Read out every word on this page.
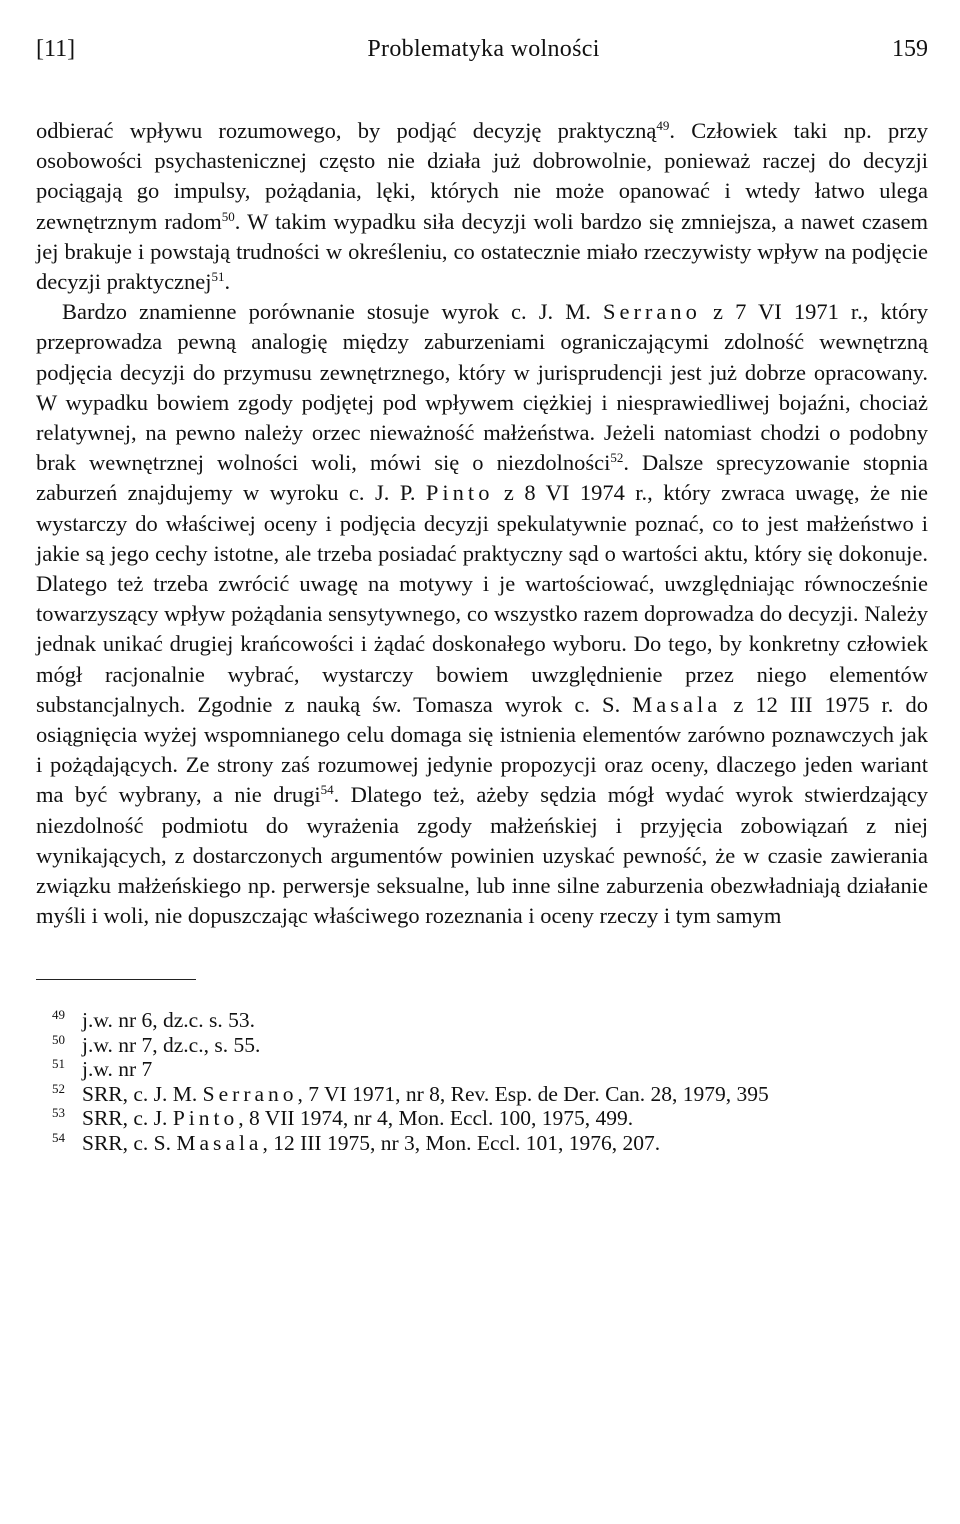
[11]	Problematyka wolności	159

odbierać wpływu rozumowego, by podjąć decyzję praktyczną$^{49}$. Człowiek taki np. przy osobowości psychastenicznej często nie działa już dobrowolnie, ponieważ raczej do decyzji pociągają go impulsy, pożądania, lęki, których nie może opanować i wtedy łatwo ulega zewnętrznym radom$^{50}$. W takim wypadku siła decyzji woli bardzo się zmniejsza, a nawet czasem jej brakuje i powstają trudności w określeniu, co ostatecznie miało rzeczywisty wpływ na podjęcie decyzji praktycznej$^{51}$.

Bardzo znamienne porównanie stosuje wyrok c. J. M. Serrano z 7 VI 1971 r., który przeprowadza pewną analogię między zaburzeniami ograniczającymi zdolność wewnętrzną podjęcia decyzji do przymusu zewnętrznego, który w jurisprudencji jest już dobrze opracowany. W wypadku bowiem zgody podjętej pod wpływem ciężkiej i niesprawiedliwej bojaźni, chociaż relatywnej, na pewno należy orzec nieważność małżeństwa. Jeżeli natomiast chodzi o podobny brak wewnętrznej wolności woli, mówi się o niezdolności$^{52}$. Dalsze sprecyzowanie stopnia zaburzeń znajdujemy w wyroku c. J. P. Pinto z 8 VI 1974 r., który zwraca uwagę, że nie wystarczy do właściwej oceny i podjęcia decyzji spekulatywnie poznać, co to jest małżeństwo i jakie są jego cechy istotne, ale trzeba posiadać praktyczny sąd o wartości aktu, który się dokonuje. Dlatego też trzeba zwrócić uwagę na motywy i je wartościować, uwzględniając równocześnie towarzyszący wpływ pożądania sensytywnego, co wszystko razem doprowadza do decyzji. Należy jednak unikać drugiej krańcowości i żądać doskonałego wyboru. Do tego, by konkretny człowiek mógł racjonalnie wybrać, wystarczy bowiem uwzględnienie przez niego elementów substancjalnych. Zgodnie z nauką św. Tomasza wyrok c. S. Masala z 12 III 1975 r. do osiągnięcia wyżej wspomnianego celu domaga się istnienia elementów zarówno poznawczych jak i pożądających. Ze strony zaś rozumowej jedynie propozycji oraz oceny, dlaczego jeden wariant ma być wybrany, a nie drugi$^{54}$. Dlatego też, ażeby sędzia mógł wydać wyrok stwierdzający niezdolność podmiotu do wyrażenia zgody małżeńskiej i przyjęcia zobowiązań z niej wynikających, z dostarczonych argumentów powinien uzyskać pewność, że w czasie zawierania związku małżeńskiego np. perwersje seksualne, lub inne silne zaburzenia obezwładniają działanie myśli i woli, nie dopuszczając właściwego rozeznania i oceny rzeczy i tym samym

$^{49}$ j.w. nr 6, dz.c. s. 53.
$^{50}$ j.w. nr 7, dz.c., s. 55.
$^{51}$ j.w. nr 7
$^{52}$ SRR, c. J. M. Serrano, 7 VI 1971, nr 8, Rev. Esp. de Der. Can. 28, 1979, 395
$^{53}$ SRR, c. J. Pinto, 8 VII 1974, nr 4, Mon. Eccl. 100, 1975, 499.
$^{54}$ SRR, c. S. Masala, 12 III 1975, nr 3, Mon. Eccl. 101, 1976, 207.
